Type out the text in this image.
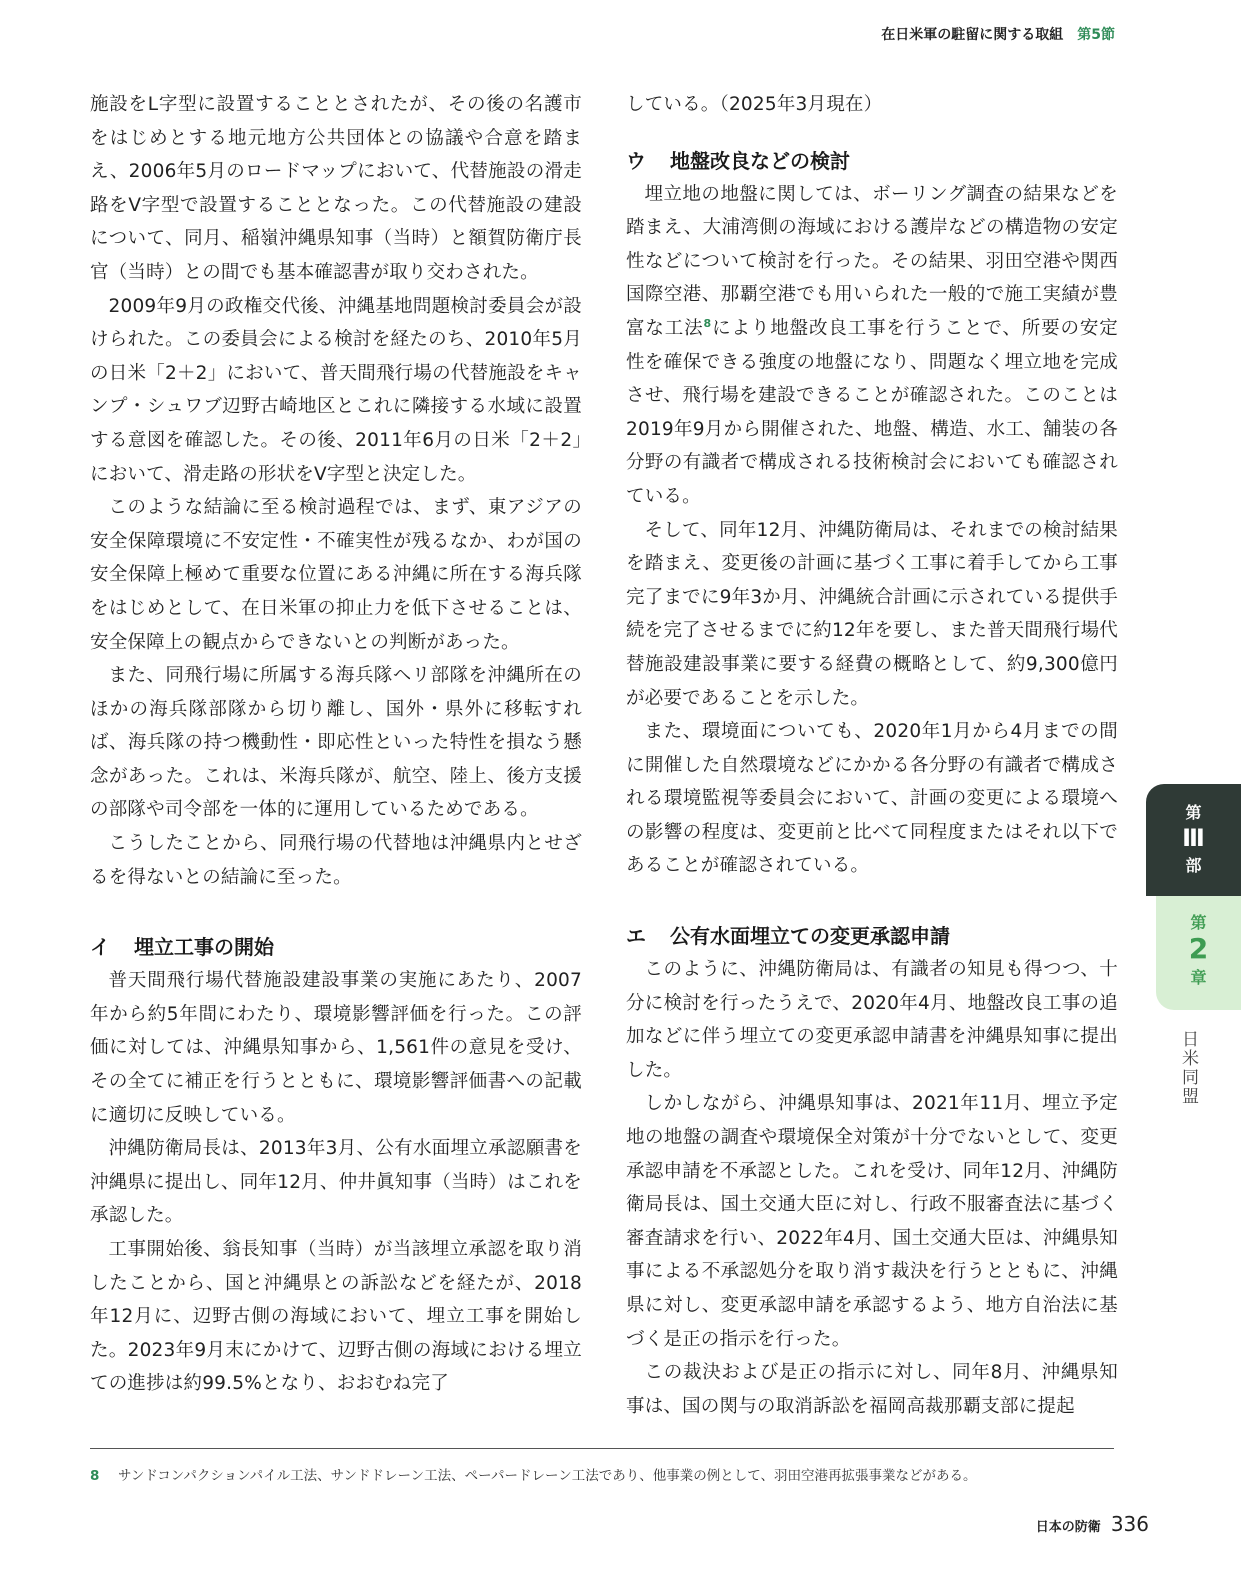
在日米軍の駐留に関する取組 第5節

施設をL字型に設置することとされたが、その後の名護市をはじめとする地元地方公共団体との協議や合意を踏まえ、2006年5月のロードマップにおいて、代替施設の滑走路をV字型で設置することとなった。この代替施設の建設について、同月、稲嶺沖縄県知事（当時）と額賀防衛庁長官（当時）との間でも基本確認書が取り交わされた。

2009年9月の政権交代後、沖縄基地問題検討委員会が設けられた。この委員会による検討を経たのち、2010年5月の日米「2＋2」において、普天間飛行場の代替施設をキャンプ・シュワブ辺野古崎地区とこれに隣接する水域に設置する意図を確認した。その後、2011年6月の日米「2＋2」において、滑走路の形状をV字型と決定した。

このような結論に至る検討過程では、まず、東アジアの安全保障環境に不安定性・不確実性が残るなか、わが国の安全保障上極めて重要な位置にある沖縄に所在する海兵隊をはじめとして、在日米軍の抑止力を低下させることは、安全保障上の観点からできないとの判断があった。

また、同飛行場に所属する海兵隊ヘリ部隊を沖縄所在のほかの海兵隊部隊から切り離し、国外・県外に移転すれば、海兵隊の持つ機動性・即応性といった特性を損なう懸念があった。これは、米海兵隊が、航空、陸上、後方支援の部隊や司令部を一体的に運用しているためである。

こうしたことから、同飛行場の代替地は沖縄県内とせざるを得ないとの結論に至った。

イ 埋立工事の開始

普天間飛行場代替施設建設事業の実施にあたり、2007年から約5年間にわたり、環境影響評価を行った。この評価に対しては、沖縄県知事から、1,561件の意見を受け、その全てに補正を行うとともに、環境影響評価書への記載に適切に反映している。

沖縄防衛局長は、2013年3月、公有水面埋立承認願書を沖縄県に提出し、同年12月、仲井眞知事（当時）はこれを承認した。

工事開始後、翁長知事（当時）が当該埋立承認を取り消したことから、国と沖縄県との訴訟などを経たが、2018年12月に、辺野古側の海域において、埋立工事を開始した。2023年9月末にかけて、辺野古側の海域における埋立ての進捗は約99.5%となり、おおむね完了

している。（2025年3月現在）

ウ 地盤改良などの検討

埋立地の地盤に関しては、ボーリング調査の結果などを踏まえ、大浦湾側の海域における護岸などの構造物の安定性などについて検討を行った。その結果、羽田空港や関西国際空港、那覇空港でも用いられた一般的で施工実績が豊富な工法$^8$により地盤改良工事を行うことで、所要の安定性を確保できる強度の地盤になり、問題なく埋立地を完成させ、飛行場を建設できることが確認された。このことは2019年9月から開催された、地盤、構造、水工、舗装の各分野の有識者で構成される技術検討会においても確認されている。

そして、同年12月、沖縄防衛局は、それまでの検討結果を踏まえ、変更後の計画に基づく工事に着手してから工事完了までに9年3か月、沖縄統合計画に示されている提供手続を完了させるまでに約12年を要し、また普天間飛行場代替施設建設事業に要する経費の概略として、約9,300億円が必要であることを示した。

また、環境面についても、2020年1月から4月までの間に開催した自然環境などにかかる各分野の有識者で構成される環境監視等委員会において、計画の変更による環境への影響の程度は、変更前と比べて同程度またはそれ以下であることが確認されている。

エ 公有水面埋立ての変更承認申請

このように、沖縄防衛局は、有識者の知見も得つつ、十分に検討を行ったうえで、2020年4月、地盤改良工事の追加などに伴う埋立ての変更承認申請書を沖縄県知事に提出した。

しかしながら、沖縄県知事は、2021年11月、埋立予定地の地盤の調査や環境保全対策が十分でないとして、変更承認申請を不承認とした。これを受け、同年12月、沖縄防衛局長は、国土交通大臣に対し、行政不服審査法に基づく審査請求を行い、2022年4月、国土交通大臣は、沖縄県知事による不承認処分を取り消す裁決を行うとともに、沖縄県に対し、変更承認申請を承認するよう、地方自治法に基づく是正の指示を行った。

この裁決および是正の指示に対し、同年8月、沖縄県知事は、国の関与の取消訴訟を福岡高裁那覇支部に提起

8 サンドコンパクションパイル工法、サンドドレーン工法、ペーパードレーン工法であり、他事業の例として、羽田空港再拡張事業などがある。
第
Ⅲ
部
第
2
章
日米同盟
日本の防衛 336
